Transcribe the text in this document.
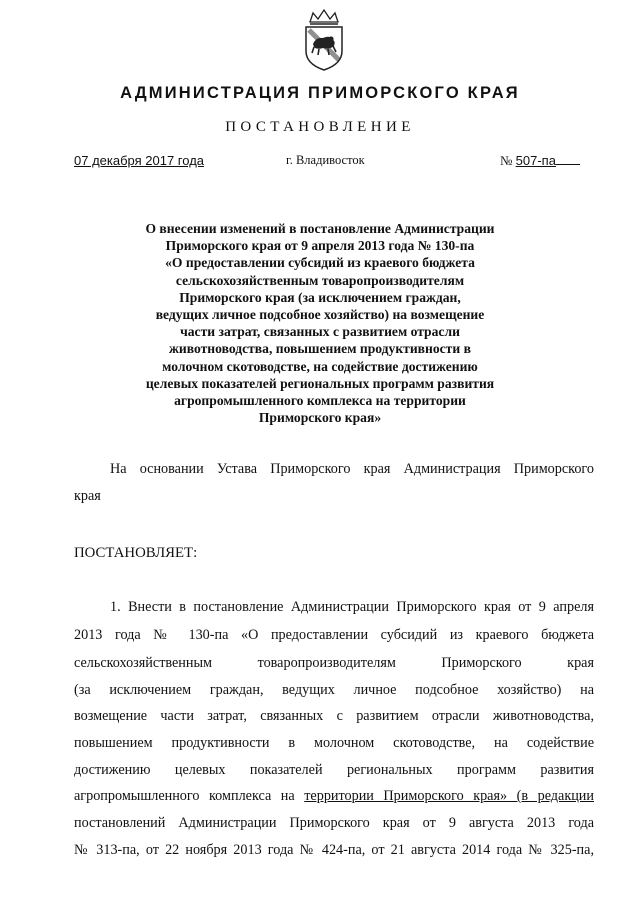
АДМИНИСТРАЦИЯ ПРИМОРСКОГО КРАЯ
ПОСТАНОВЛЕНИЕ
07 декабря 2017 года	г. Владивосток	№ 507-па
О внесении изменений в постановление Администрации
Приморского края от 9 апреля 2013 года № 130-па
«О предоставлении субсидий из краевого бюджета
сельскохозяйственным товаропроизводителям
Приморского края (за исключением граждан,
ведущих личное подсобное хозяйство) на возмещение
части затрат, связанных с развитием отрасли
животноводства, повышением продуктивности в
молочном скотоводстве, на содействие достижению
целевых показателей региональных программ развития
агропромышленного комплекса на территории
Приморского края»
На основании Устава Приморского края Администрация Приморского
края
ПОСТАНОВЛЯЕТ:
1. Внести в постановление Администрации Приморского края от 9 апреля
2013 года № 130-па «О предоставлении субсидий из краевого бюджета
сельскохозяйственным товаропроизводителям Приморского края
(за исключением граждан, ведущих личное подсобное хозяйство) на
возмещение части затрат, связанных с развитием отрасли животноводства,
повышением продуктивности в молочном скотоводстве, на содействие
достижению целевых показателей региональных программ развития
агропромышленного комплекса на территории Приморского края» (в редакции
постановлений Администрации Приморского края от 9 августа 2013 года
№ 313-па, от 22 ноября 2013 года № 424-па, от 21 августа 2014 года № 325-па,
